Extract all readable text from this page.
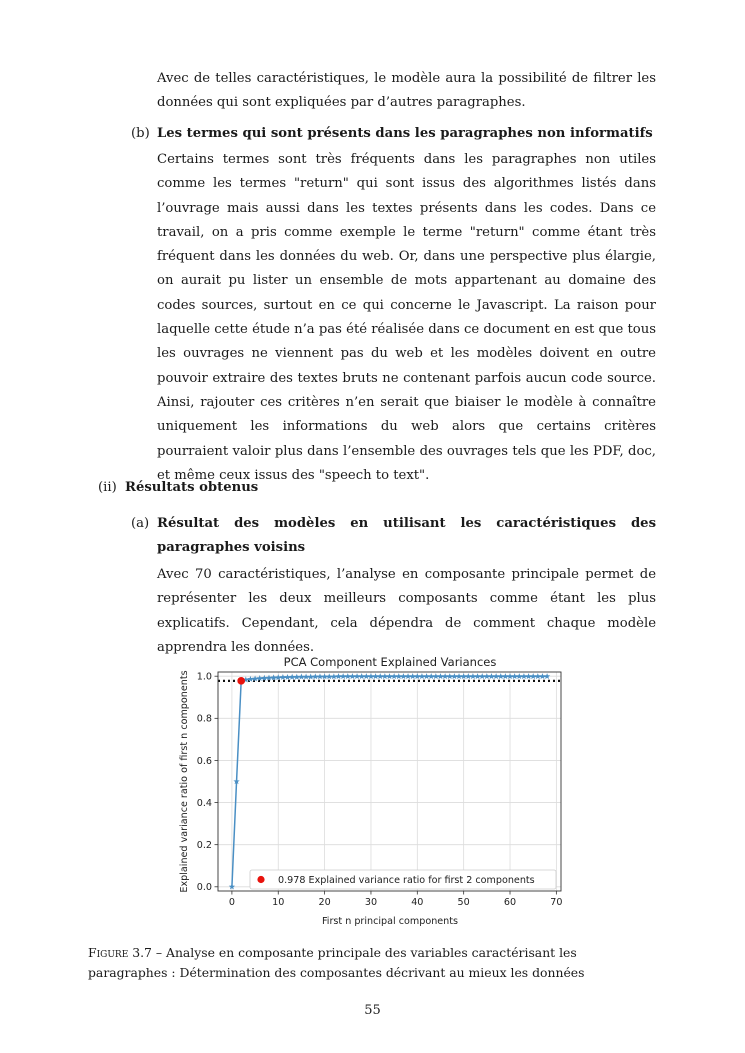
Avec de telles caractéristiques, le modèle aura la possibilité de filtrer les données qui sont expliquées par d’autres paragraphes.

(b) Les termes qui sont présents dans les paragraphes non informatifs

Certains termes sont très fréquents dans les paragraphes non utiles comme les termes "return" qui sont issus des algorithmes listés dans l’ouvrage mais aussi dans les textes présents dans les codes. Dans ce travail, on a pris comme exemple le terme "return" comme étant très fréquent dans les données du web. Or, dans une perspective plus élargie, on aurait pu lister un ensemble de mots appartenant au domaine des codes sources, surtout en ce qui concerne le Javascript. La raison pour laquelle cette étude n’a pas été réalisée dans ce document en est que tous les ouvrages ne viennent pas du web et les modèles doivent en outre pouvoir extraire des textes bruts ne contenant parfois aucun code source. Ainsi, rajouter ces critères n’en serait que biaiser le modèle à connaître uniquement les informations du web alors que certains critères pourraient valoir plus dans l’ensemble des ouvrages tels que les PDF, doc, et même ceux issus des "speech to text".

(ii) Résultats obtenus
(a) Résultat des modèles en utilisant les caractéristiques des paragraphes voisins

Avec 70 caractéristiques, l’analyse en composante principale permet de représenter les deux meilleurs composants comme étant les plus explicatifs. Cependant, cela dépendra de comment chaque modèle apprendra les données.

PCA Component Explained Variances
0	10	20	30	40	50	60	70
0.0
0.2
0.4
0.6
0.8
1.0
First n principal components
Explained variance ratio of first n components	0.978 Explained variance ratio for first 2 components
Figure 3.7 – Analyse en composante principale des variables caractérisant les paragraphes : Détermination des composantes décrivant au mieux les données
55
